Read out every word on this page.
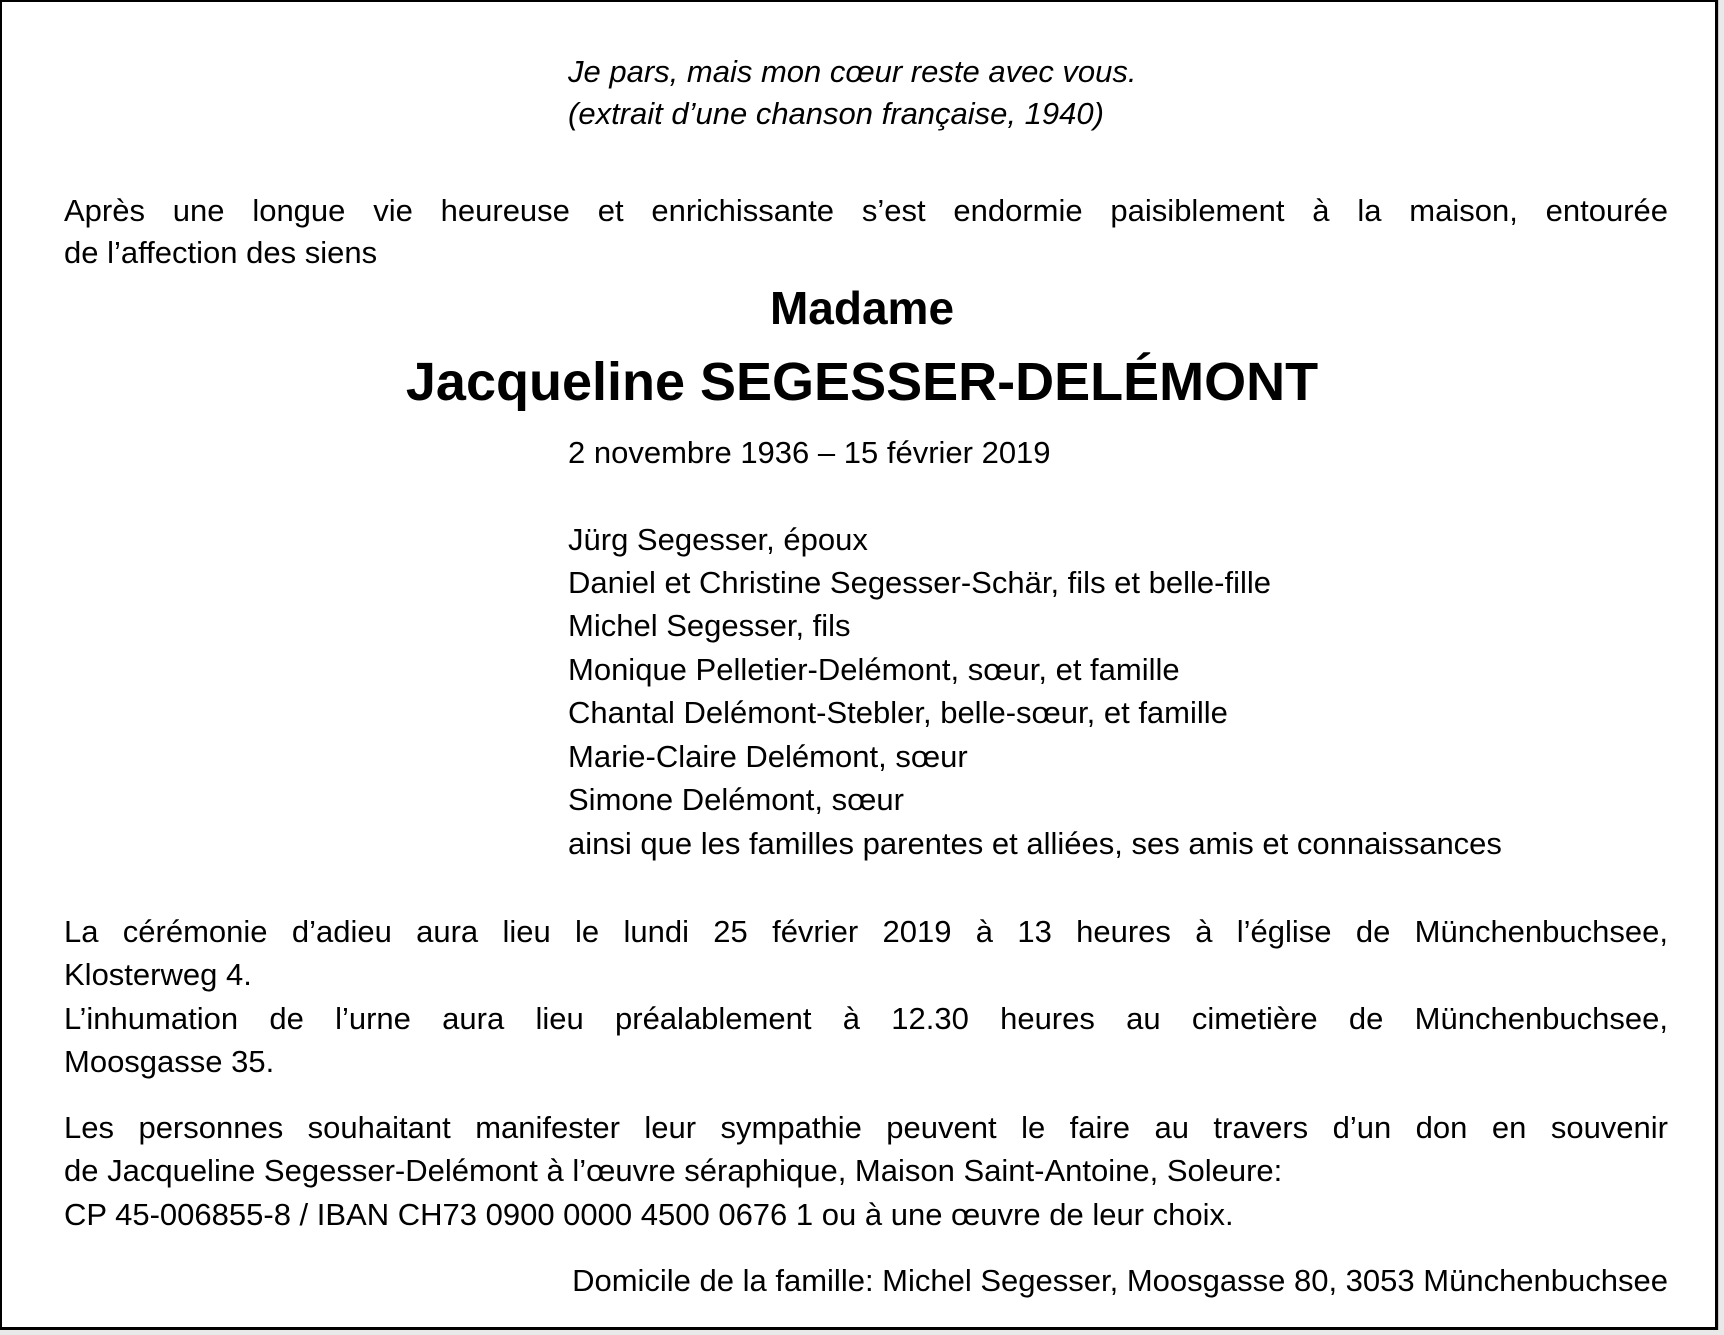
Je pars, mais mon cœur reste avec vous.
(extrait d’une chanson française, 1940)
Après une longue vie heureuse et enrichissante s’est endormie paisiblement à la maison, entourée
de l’affection des siens
Madame
Jacqueline SEGESSER-DELÉMONT
2 novembre 1936 – 15 février 2019
Jürg Segesser, époux
Daniel et Christine Segesser-Schär, fils et belle-fille
Michel Segesser, fils
Monique Pelletier-Delémont, sœur, et famille
Chantal Delémont-Stebler, belle-sœur, et famille
Marie-Claire Delémont, sœur
Simone Delémont, sœur
ainsi que les familles parentes et alliées, ses amis et connaissances
La cérémonie d’adieu aura lieu le lundi 25 février 2019 à 13 heures à l’église de Münchenbuchsee,
Klosterweg 4.
L’inhumation de l’urne aura lieu préalablement à 12.30 heures au cimetière de Münchenbuchsee,
Moosgasse 35.
Les personnes souhaitant manifester leur sympathie peuvent le faire au travers d’un don en souvenir
de Jacqueline Segesser-Delémont à l’œuvre séraphique, Maison Saint-Antoine, Soleure:
CP 45-006855-8 / IBAN CH73 0900 0000 4500 0676 1 ou à une œuvre de leur choix.
Domicile de la famille: Michel Segesser, Moosgasse 80, 3053 Münchenbuchsee
